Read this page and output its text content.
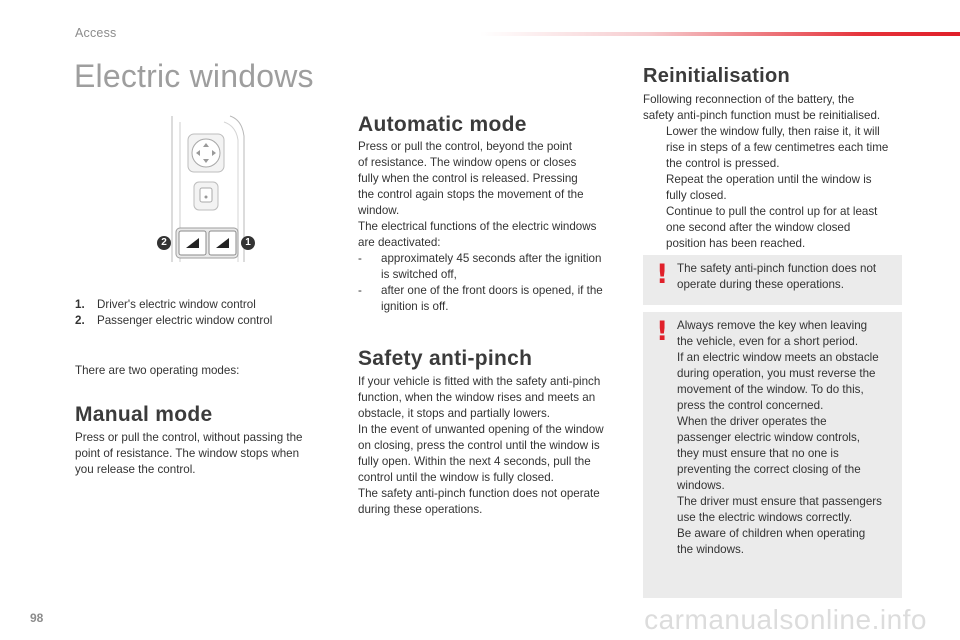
Access
Electric windows
2	1
1. Driver's electric window control
2. Passenger electric window control
There are two operating modes:
Manual mode
Press or pull the control, without passing the
point of resistance. The window stops when
you release the control.
Automatic mode
Press or pull the control, beyond the point
of resistance. The window opens or closes
fully when the control is released. Pressing
the control again stops the movement of the
window.
The electrical functions of the electric windows
are deactivated:
- approximately 45 seconds after the ignition
is switched off,
- after one of the front doors is opened, if the
ignition is off.
Safety anti-pinch
If your vehicle is fitted with the safety anti-pinch
function, when the window rises and meets an
obstacle, it stops and partially lowers.
In the event of unwanted opening of the window
on closing, press the control until the window is
fully open. Within the next 4 seconds, pull the
control until the window is fully closed.
The safety anti-pinch function does not operate
during these operations.
Reinitialisation
Following reconnection of the battery, the
safety anti-pinch function must be reinitialised.
Lower the window fully, then raise it, it will
rise in steps of a few centimetres each time
the control is pressed.
Repeat the operation until the window is
fully closed.
Continue to pull the control up for at least
one second after the window closed
position has been reached.
! The safety anti-pinch function does not
operate during these operations.
! Always remove the key when leaving
the vehicle, even for a short period.
If an electric window meets an obstacle
during operation, you must reverse the
movement of the window. To do this,
press the control concerned.
When the driver operates the
passenger electric window controls,
they must ensure that no one is
preventing the correct closing of the
windows.
The driver must ensure that passengers
use the electric windows correctly.
Be aware of children when operating
the windows.
98	carmanualsonline.info
